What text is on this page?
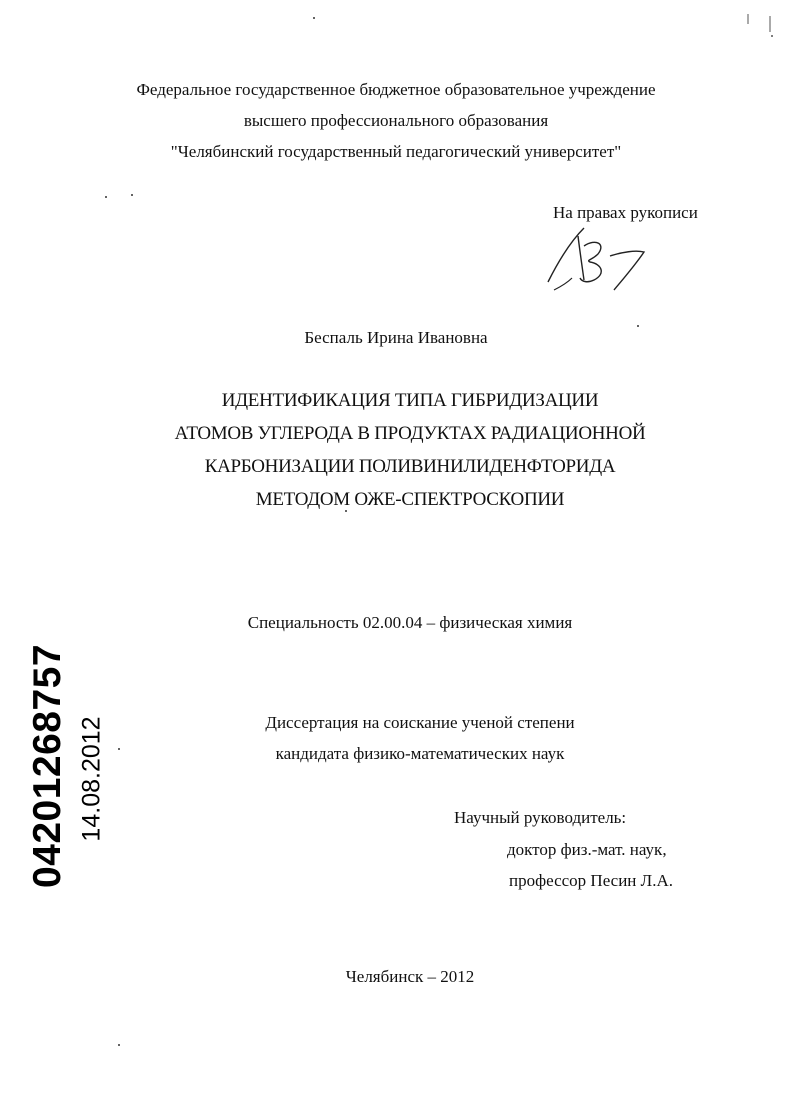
Федеральное государственное бюджетное образовательное учреждение
высшего профессионального образования
"Челябинский государственный педагогический университет"
На правах рукописи
Беспаль Ирина Ивановна
ИДЕНТИФИКАЦИЯ ТИПА ГИБРИДИЗАЦИИ
АТОМОВ УГЛЕРОДА В ПРОДУКТАХ РАДИАЦИОННОЙ
КАРБОНИЗАЦИИ ПОЛИВИНИЛИДЕНФТОРИДА
МЕТОДОМ ОЖЕ-СПЕКТРОСКОПИИ
Специальность 02.00.04 – физическая химия
Диссертация на соискание ученой степени
кандидата физико-математических наук
Научный руководитель:
доктор физ.-мат. наук,
профессор Песин Л.А.
Челябинск – 2012
04201268757 14.08.2012
